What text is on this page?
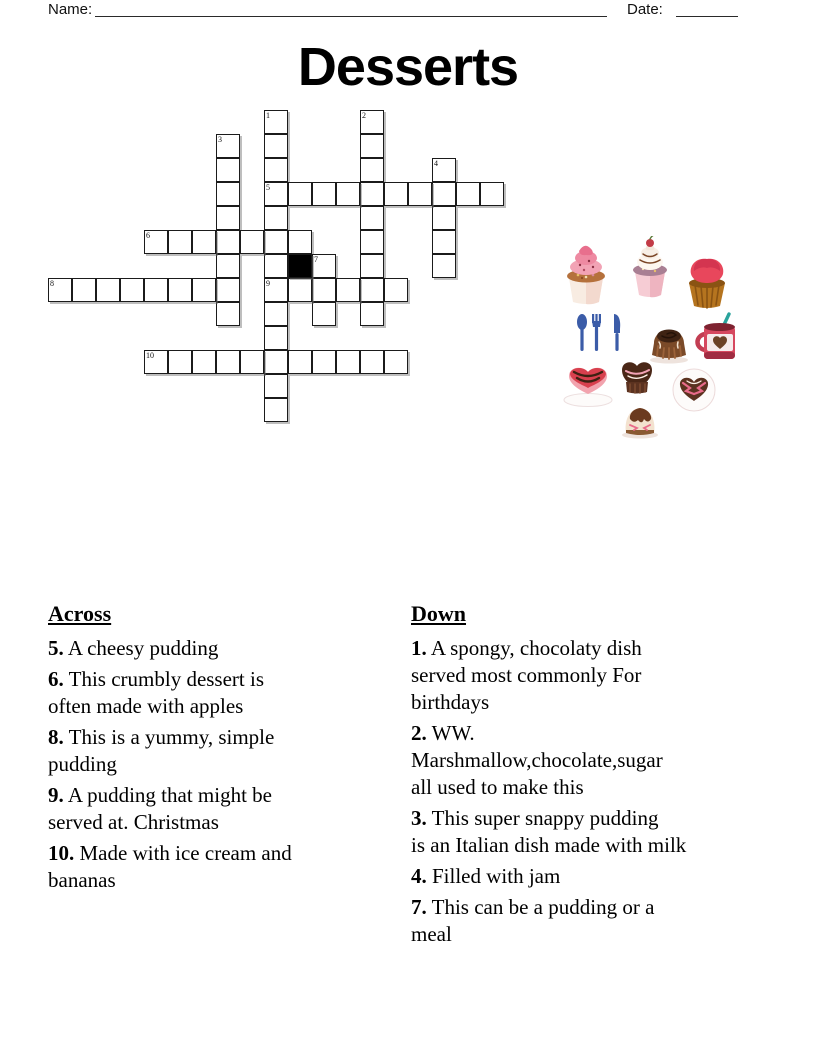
Name:	Date:
Desserts
1	2
3
4
5
6
7
8	9
10
Across
5. A cheesy pudding
6. This crumbly dessert is
often made with apples
8. This is a yummy, simple
pudding
9. A pudding that might be
served at. Christmas
10. Made with ice cream and
bananas
Down
1. A spongy, chocolaty dish
served most commonly For
birthdays
2. WW.
Marshmallow,chocolate,sugar
all used to make this
3. This super snappy pudding
is an Italian dish made with milk
4. Filled with jam
7. This can be a pudding or a
meal
